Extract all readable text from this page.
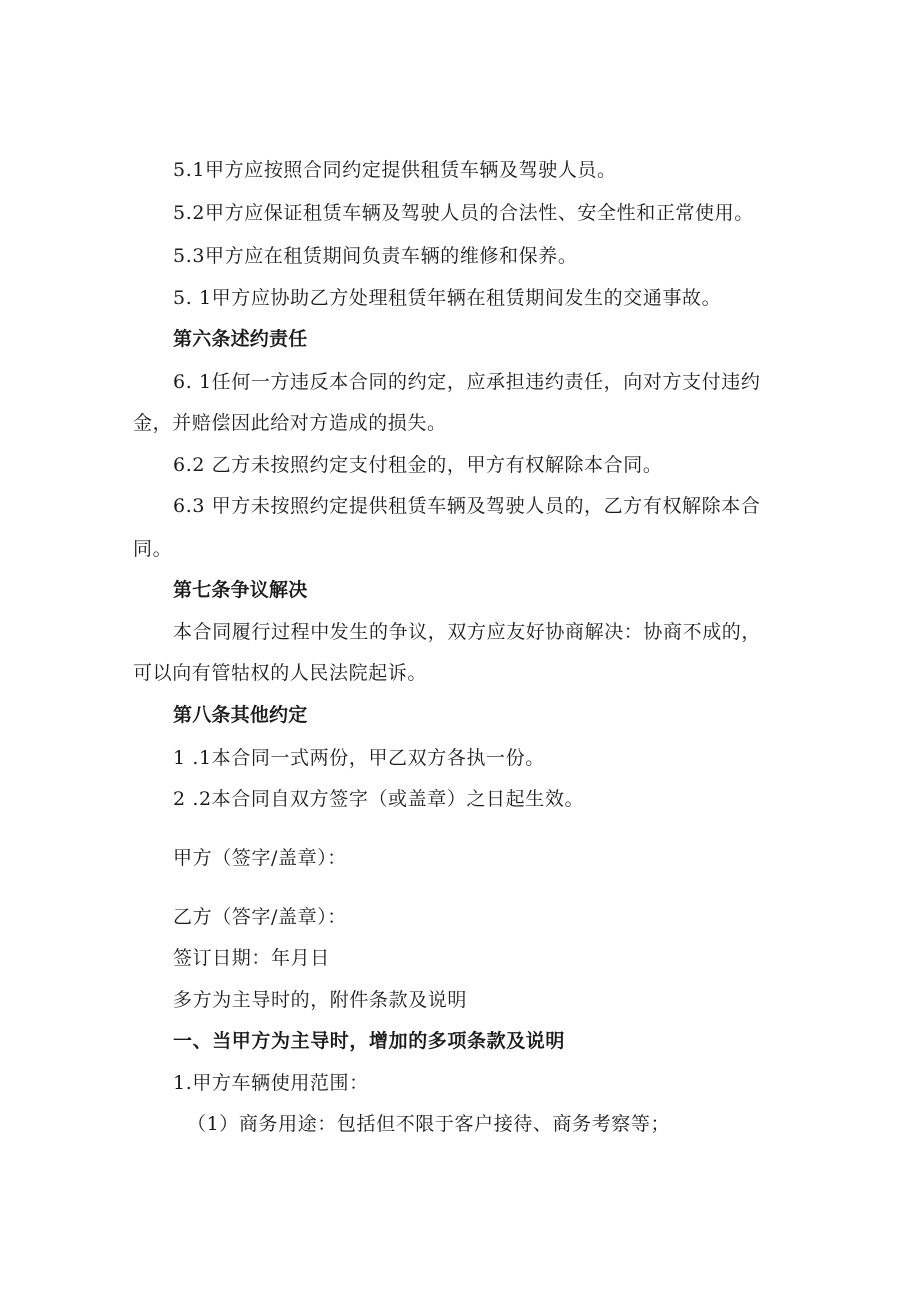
5.1甲方应按照合同约定提供租赁车辆及驾驶人员。
5.2甲方应保证租赁车辆及驾驶人员的合法性、安全性和正常使用。
5.3甲方应在租赁期间负责车辆的维修和保养。
5. 1甲方应协助乙方处理租赁年辆在租赁期间发生的交通事故。
第六条述约责任
6. 1任何一方违反本合同的约定，应承担违约责任，向对方支付违约
金，并赔偿因此给对方造成的损失。
6.2 乙方未按照约定支付租金的，甲方有权解除本合同。
6.3 甲方未按照约定提供租赁车辆及驾驶人员的，乙方有权解除本合
同。
第七条争议解决
本合同履行过程中发生的争议，双方应友好协商解决：协商不成的，
可以向有管牯权的人民法院起诉。
第八条其他约定
1 .1本合同一式两份，甲乙双方各执一份。
2 .2本合同自双方签字（或盖章）之日起生效。
甲方（签字/盖章）：
乙方（答字/盖章）：
签订日期：年月日
多方为主导时的，附件条款及说明
一、当甲方为主导时，增加的多项条款及说明
1.甲方车辆使用范围：
（1）商务用途：包括但不限于客户接待、商务考察等；
